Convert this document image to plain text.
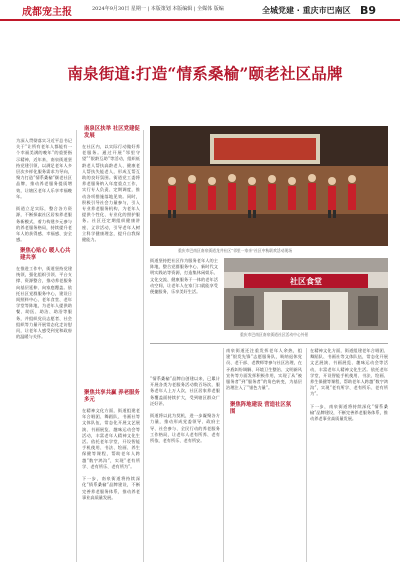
成都宠主报	2024年9月30日 星期一 | 本版策划 本版编辑 | 全媒体 版编	全城党建 · 重庆市巴南区 B9
南泉街道:打造“情系桑榆”颐老社区品牌
为深入贯彻落实习近平总书记关于“让所有老年人都能有一个幸福美满的晚年”的重要指示精神，近年来，南泉街道坚持党建引领，以满足老年人多层次多样化服务需求为导向，聚力打造“情系桑榆”颐老社区品牌，推动养老服务提质增效，让辖区老年人乐享幸福晚年。

街道立足实际，整合各方资源，不断探索社区居家养老服务新模式，着力构建多元参与的养老服务格局，持续提升老年人的获得感、幸福感、安全感。
聚焦心贴心 暖人心共建共享
在推进工作中，街道坚持党建统领，强化组织引领、平台支撑、资源整合，推动养老服务向基层延伸、向家庭覆盖。依托社区党群服务中心，建设日间照料中心、老年食堂、老年学堂等阵地，为老年人提供助餐、助医、助洁、助浴等服务，并组织党员志愿者、社会组织等力量开展常态化走访慰问，让老年人感受到党和政府的温暖与关怀。
南泉区扶举 社区党建促发展
在社区内，以实际行动做好养老服务。通过开展“邻里守望”“银龄互助”等活动，组织低龄老人帮扶高龄老人、健康老人帮扶失能老人，形成互帮互助的良好氛围。街道党工委将养老服务纳入年度重点工作，实行专人负责、定期调度，推动各项措施落地见效。同时，积极引导社会力量参与，引入专业养老服务机构，为老年人提供个性化、专业化的照护服务。社区还定期组织健康讲座、义诊活动，引导老年人树立科学健康理念，提升自我保健能力。
聚焦共享共赢 养老服务多元
在精神文化方面，街道组建老年合唱团、舞蹈队、书画社等文体队伍，常态化开展文艺展演、书画展览、趣味运动会等活动，丰富老年人精神文化生活。依托老年学堂，开设智能手机使用、书法、绘画、养生保健等课程，帮助老年人跨越“数字鸿沟”，实现“老有所学、老有所乐、老有所为”。

下一步，南泉街道将持续深化“情系桑榆”品牌建设，不断完善养老服务体系，推动养老事业高质量发展。
重庆市巴南区南泉街道龙井社区“邻里一家亲”社区中秋联欢活动现场
社区食堂
重庆市巴南区南泉街道社区活动中心外景
街道坚持把社区作为服务老年人的主阵地，整合党群服务中心、新时代文明实践站等资源，打造集休闲娱乐、文化交流、健康服务于一体的老年活动空间，让老年人在家门口就能享受便捷服务，乐享美好生活。
“情系桑榆”品牌自创建以来，已累计开展各类为老服务活动数百场次，服务老年人上万人次，社区居家养老服务覆盖面持续扩大，受到辖区群众广泛好评。

街道将以此为契机，进一步凝聚各方力量，推动形成党委领导、政府主导、社会参与、全民行动的养老服务工作格局，让老年人老有所养、老有所依、老有所乐、老有所安。
聚焦阵地建设 营造社区氛围
南泉街道还注重发挥老年人余热，组建“银发先锋”志愿服务队，吸纳退休党员、老干部、老教师等参与社区治理，在矛盾纠纷调解、环境卫生整治、文明新风宣传等方面发挥积极作用，实现了从“被服务者”到“服务者”的角色转变，为基层治理注入了“银色力量”。
在精神文化方面，街道组建老年合唱团、舞蹈队、书画社等文体队伍，常态化开展文艺展演、书画展览、趣味运动会等活动，丰富老年人精神文化生活。依托老年学堂，开设智能手机使用、书法、绘画、养生保健等课程，帮助老年人跨越“数字鸿沟”，实现“老有所学、老有所乐、老有所为”。

下一步，南泉街道将持续深化“情系桑榆”品牌建设，不断完善养老服务体系，推动养老事业高质量发展。
